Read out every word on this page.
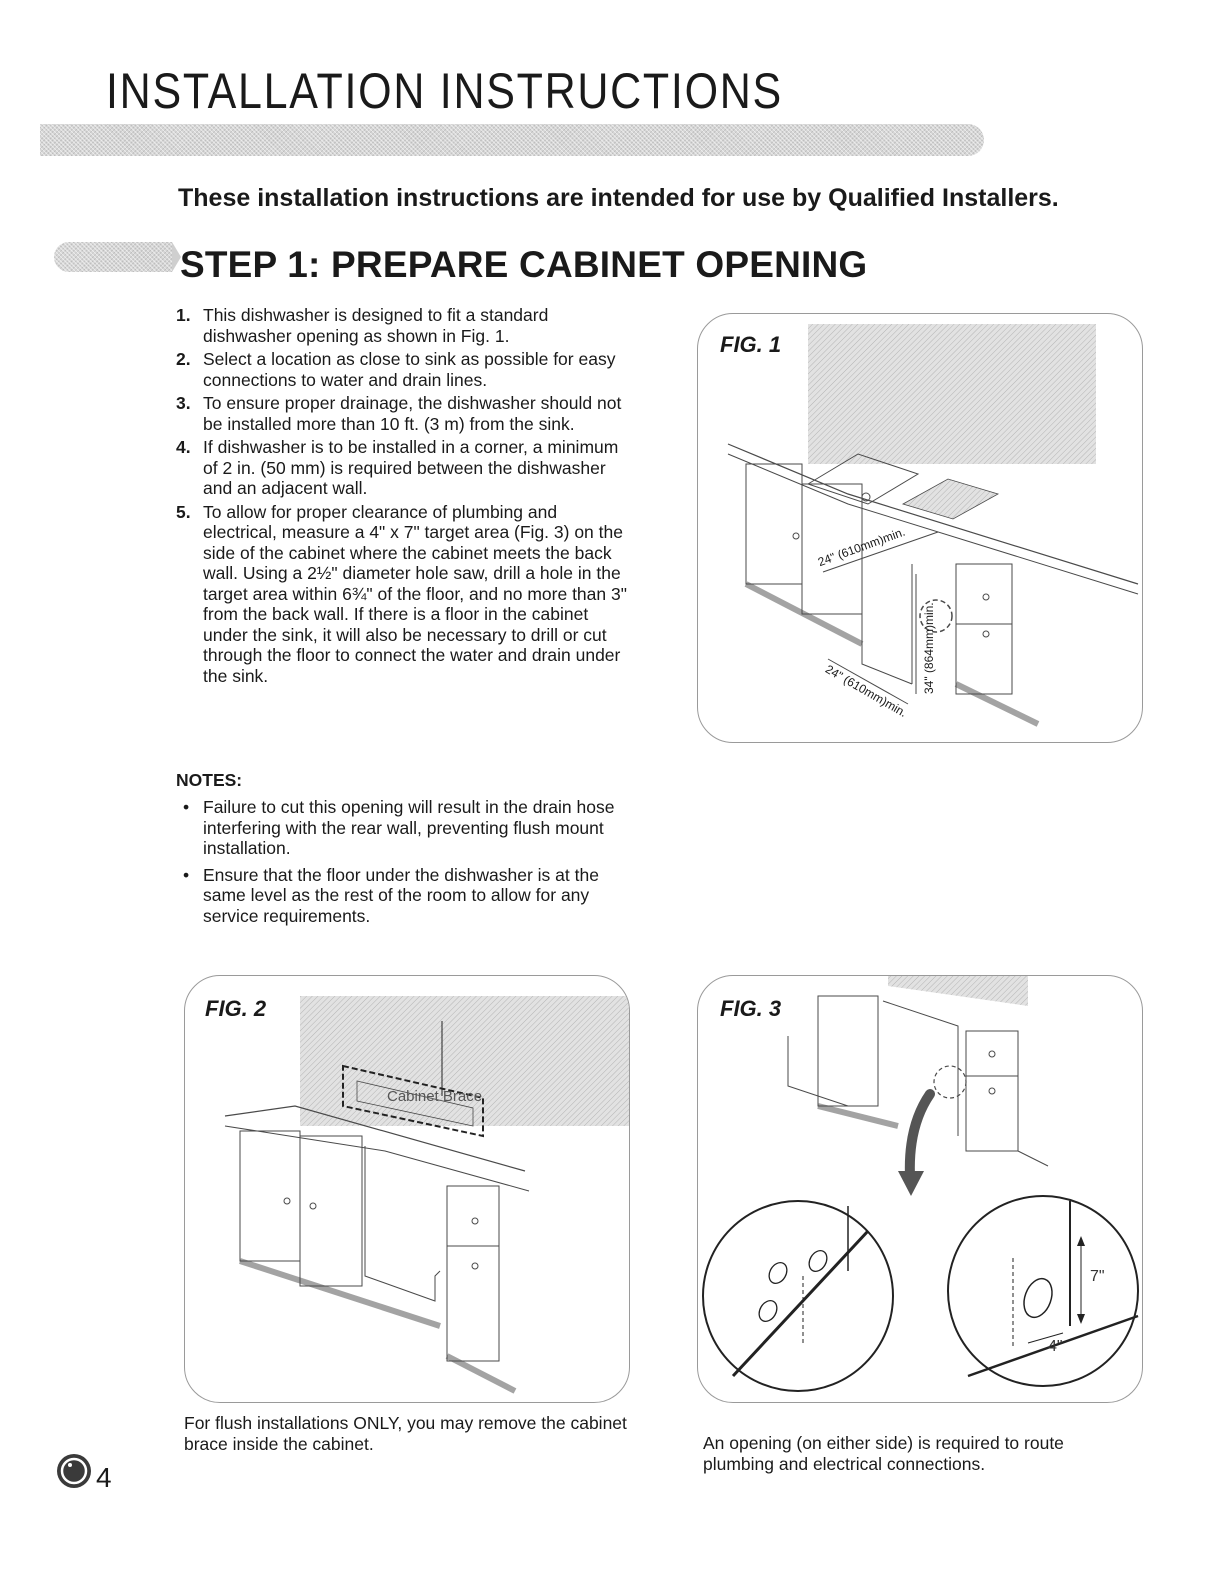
INSTALLATION INSTRUCTIONS
These installation instructions are intended for use by Qualified Installers.
STEP 1: PREPARE CABINET OPENING
1. This dishwasher is designed to fit a standard dishwasher opening as shown in Fig. 1.
2. Select a location as close to sink as possible for easy connections to water and drain lines.
3. To ensure proper drainage, the dishwasher should not be installed more than 10 ft. (3 m) from the sink.
4. If dishwasher is to be installed in a corner, a minimum of 2 in. (50 mm) is required between the dishwasher and an adjacent wall.
5. To allow for proper clearance of plumbing and electrical, measure a 4" x 7" target area (Fig. 3) on the side of the cabinet where the cabinet meets the back wall. Using a 2½" diameter hole saw, drill a hole in the target area within 6¾" of the floor, and no more than 3" from the back wall. If there is a floor in the cabinet under the sink, it will also be necessary to drill or cut through the floor to connect the water and drain under the sink.
NOTES:
• Failure to cut this opening will result in the drain hose interfering with the rear wall, preventing flush mount installation.
• Ensure that the floor under the dishwasher is at the same level as the rest of the room to allow for any service requirements.
FIG. 1
24" (610mm)min.
34" (864mm)min.
24" (610mm)min.
FIG. 2
Cabinet Brace
For flush installations ONLY, you may remove the cabinet brace inside the cabinet.
FIG. 3
7"
4"
An opening (on either side) is required to route plumbing and electrical connections.
4
